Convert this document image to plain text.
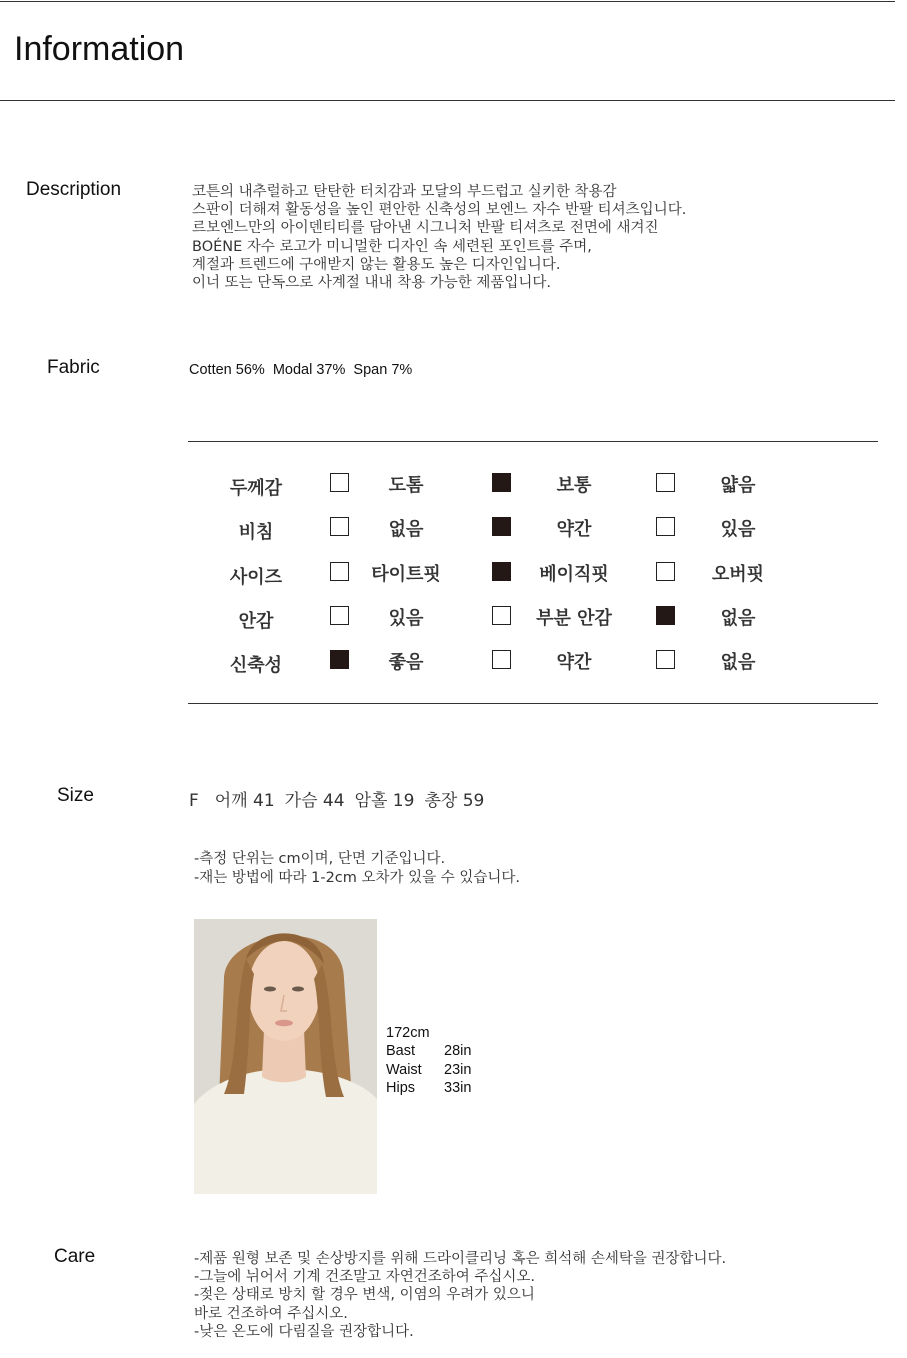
Information
Description	코튼의 내추럴하고 탄탄한 터치감과 모달의 부드럽고 실키한 착용감

스판이 더해져 활동성을 높인 편안한 신축성의 보엔느 자수 반팔 티셔츠입니다.

르보엔느만의 아이덴티티를 담아낸 시그니처 반팔 티셔츠로 전면에 새겨진

BOÉNE 자수 로고가 미니멀한 디자인 속 세련된 포인트를 주며,

계절과 트렌드에 구애받지 않는 활용도 높은 디자인입니다.

이너 또는 단독으로 사계절 내내 착용 가능한 제품입니다.

Fabric	Cotten 56%  Modal 37%  Span 7%
두께감	도톰	보통	얇음
비침	없음	약간	있음
사이즈	타이트핏	베이직핏	오버핏
안감	있음	부분 안감	없음
신축성	좋음	약간	없음
Size	F 어깨 41 가슴 44 암홀 19 총장 59

-측정 단위는 cm이며, 단면 기준입니다.

-재는 방법에 따라 1-2cm 오차가 있을 수 있습니다.

172cm
Bast 28in
Waist 23in
Hips 33in
Care	-제품 원형 보존 및 손상방지를 위해 드라이클리닝 혹은 희석해 손세탁을 권장합니다.

-그늘에 뉘어서 기계 건조말고 자연건조하여 주십시오.

-젖은 상태로 방치 할 경우 변색, 이염의 우려가 있으니

바로 건조하여 주십시오.

-낮은 온도에 다림질을 권장합니다.
